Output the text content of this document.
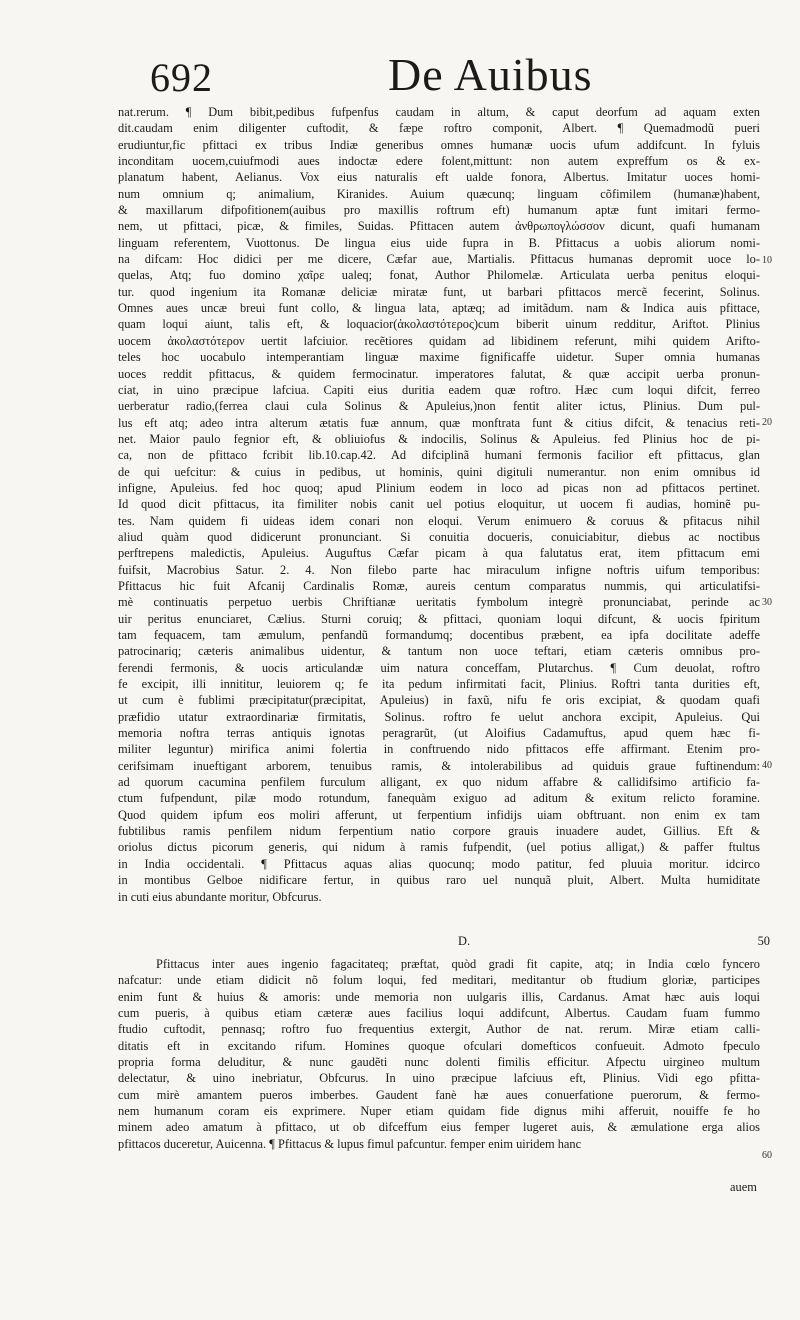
692	De Auibus
nat.rerum. ¶ Dum bibit,pedibus fufpenfus caudam in altum, & caput deorfum ad aquam exten
dit.caudam enim diligenter cuftodit, & fæpe roftro componit, Albert. ¶ Quemadmodũ pueri
erudiuntur,fic pfittaci ex tribus Indiæ generibus omnes humanæ uocis ufum addifcunt. In fyluis
inconditam uocem,cuiufmodi aues indoctæ edere folent,mittunt: non autem expreffum os & ex-
planatum habent, Aelianus. Vox eius naturalis eft ualde fonora, Albertus. Imitatur uoces homi-
num omnium q; animalium, Kiranides. Auium quæcunq; linguam cõfimilem (humanæ)habent,
& maxillarum difpofitionem(auibus pro maxillis roftrum eft) humanum aptæ funt imitari fermo-
nem, ut pfittaci, picæ, & fimiles, Suidas. Pfittacen autem ἀνθρωπογλώσσον dicunt, quafi humanam
linguam referentem, Vuottonus. De lingua eius uide fupra in B. Pfittacus a uobis aliorum nomi-
na difcam: Hoc didici per me dicere, Cæfar aue, Martialis. Pfittacus humanas depromit uoce lo-
quelas, Atq; fuo domino χαῖρε ualeq; fonat, Author Philomelæ. Articulata uerba penitus eloqui-
tur. quod ingenium ita Romanæ deliciæ miratæ funt, ut barbari pfittacos mercẽ fecerint, Solinus.
Omnes aues uncæ breui funt collo, & lingua lata, aptæq; ad imitãdum. nam & Indica auis pfittace,
quam loqui aiunt, talis eft, & loquacior(ἀκολαστότερος)cum biberit uinum redditur, Ariftot. Plinius
uocem ἀκολαστότερον uertit lafciuior. recẽtiores quidam ad libidinem referunt, mihi quidem Arifto-
teles hoc uocabulo intemperantiam linguæ maxime fignificaffe uidetur. Super omnia humanas
uoces reddit pfittacus, & quidem fermocinatur. imperatores falutat, & quæ accipit uerba pronun-
ciat, in uino præcipue lafciua. Capiti eius duritia eadem quæ roftro. Hæc cum loqui difcit, ferreo
uerberatur radio,(ferrea claui cula Solinus & Apuleius,)non fentit aliter ictus, Plinius. Dum pul-
lus eft atq; adeo intra alterum ætatis fuæ annum, quæ monftrata funt & citius difcit, & tenacius reti-
net. Maior paulo fegnior eft, & obliuiofus & indocilis, Solinus & Apuleius. fed Plinius hoc de pi-
ca, non de pfittaco fcribit lib.10.cap.42. Ad difciplinã humani fermonis facilior eft pfittacus, glan
de qui uefcitur: & cuius in pedibus, ut hominis, quini digituli numerantur. non enim omnibus id
infigne, Apuleius. fed hoc quoq; apud Plinium eodem in loco ad picas non ad pfittacos pertinet.
Id quod dicit pfittacus, ita fimiliter nobis canit uel potius eloquitur, ut uocem fi audias, hominẽ pu-
tes. Nam quidem fi uideas idem conari non eloqui. Verum enimuero & coruus & pfitacus nihil
aliud quàm quod didicerunt pronunciant. Si conuitia docueris, conuiciabitur, diebus ac noctibus
perftrepens maledictis, Apuleius. Auguftus Cæfar picam à qua falutatus erat, item pfittacum emi
fuifsit, Macrobius Satur. 2. 4. Non filebo parte hac miraculum infigne noftris uifum temporibus:
Pfittacus hic fuit Afcanij Cardinalis Romæ, aureis centum comparatus nummis, qui articulatifsi-
mè continuatis perpetuo uerbis Chriftianæ ueritatis fymbolum integrè pronunciabat, perinde ac
uir peritus enunciaret, Cælius. Sturni coruiq; & pfittaci, quoniam loqui difcunt, & uocis fpiritum
tam fequacem, tam æmulum, penfandũ formandumq; docentibus præbent, ea ipfa docilitate adeffe
patrocinariq; cæteris animalibus uidentur, & tantum non uoce teftari, etiam cæteris omnibus pro-
ferendi fermonis, & uocis articulandæ uim natura conceffam, Plutarchus. ¶ Cum deuolat, roftro
fe excipit, illi innititur, leuiorem q; fe ita pedum infirmitati facit, Plinius. Roftri tanta durities eft,
ut cum è fublimi præcipitatur(præcipitat, Apuleius) in faxũ, nifu fe oris excipiat, & quodam quafi
præfidio utatur extraordinariæ firmitatis, Solinus. roftro fe uelut anchora excipit, Apuleius. Qui
memoria noftra terras antiquis ignotas peragrarũt, (ut Aloifius Cadamuftus, apud quem hæc fi-
militer leguntur) mirifica animi folertia in conftruendo nido pfittacos effe affirmant. Etenim pro-
cerifsimam inueftigant arborem, tenuibus ramis, & intolerabilibus ad quiduis graue fuftinendum:
ad quorum cacumina penfilem furculum alligant, ex quo nidum affabre & callidifsimo artificio fa-
ctum fufpendunt, pilæ modo rotundum, fanequàm exiguo ad aditum & exitum relicto foramine.
Quod quidem ipfum eos moliri afferunt, ut ferpentium infidijs uiam obftruant. non enim ex tam
fubtilibus ramis penfilem nidum ferpentium natio corpore grauis inuadere audet, Gillius. Eft &
oriolus dictus picorum generis, qui nidum à ramis fufpendit, (uel potius alligat,) & paffer ftultus
in India occidentali. ¶ Pfittacus aquas alias quocunq; modo patitur, fed pluuia moritur. idcirco
in montibus Gelboe nidificare fertur, in quibus raro uel nunquã pluit, Albert. Multa humiditate
in cuti eius abundante moritur, Obfcurus.
10
20
30
40
D.	50
Pfittacus inter aues ingenio fagacitateq; præftat, quòd gradi fit capite, atq; in India cœlo fyncero
nafcatur: unde etiam didicit nõ folum loqui, fed meditari, meditantur ob ftudium gloriæ, participes
enim funt & huius & amoris: unde memoria non uulgaris illis, Cardanus. Amat hæc auis loqui
cum pueris, à quibus etiam cæteræ aues facilius loqui addifcunt, Albertus. Caudam fuam fummo
ftudio cuftodit, pennasq; roftro fuo frequentius extergit, Author de nat. rerum. Miræ etiam calli-
ditatis eft in excitando rifum. Homines quoque ofculari domefticos confueuit. Admoto fpeculo
propria forma deluditur, & nunc gaudẽti nunc dolenti fimilis efficitur. Afpectu uirgineo multum
delectatur, & uino inebriatur, Obfcurus. In uino præcipue lafciuus eft, Plinius. Vidi ego pfitta-
cum mirè amantem pueros imberbes. Gaudent fanè hæ aues conuerfatione puerorum, & fermo-
nem humanum coram eis exprimere. Nuper etiam quidam fide dignus mihi afferuit, nouiffe fe ho
minem adeo amatum à pfittaco, ut ob difceffum eius femper lugeret auis, & æmulatione erga alios
pfittacos duceretur, Auicenna. ¶ Pfittacus & lupus fimul pafcuntur. femper enim uiridem hanc
60
auem
